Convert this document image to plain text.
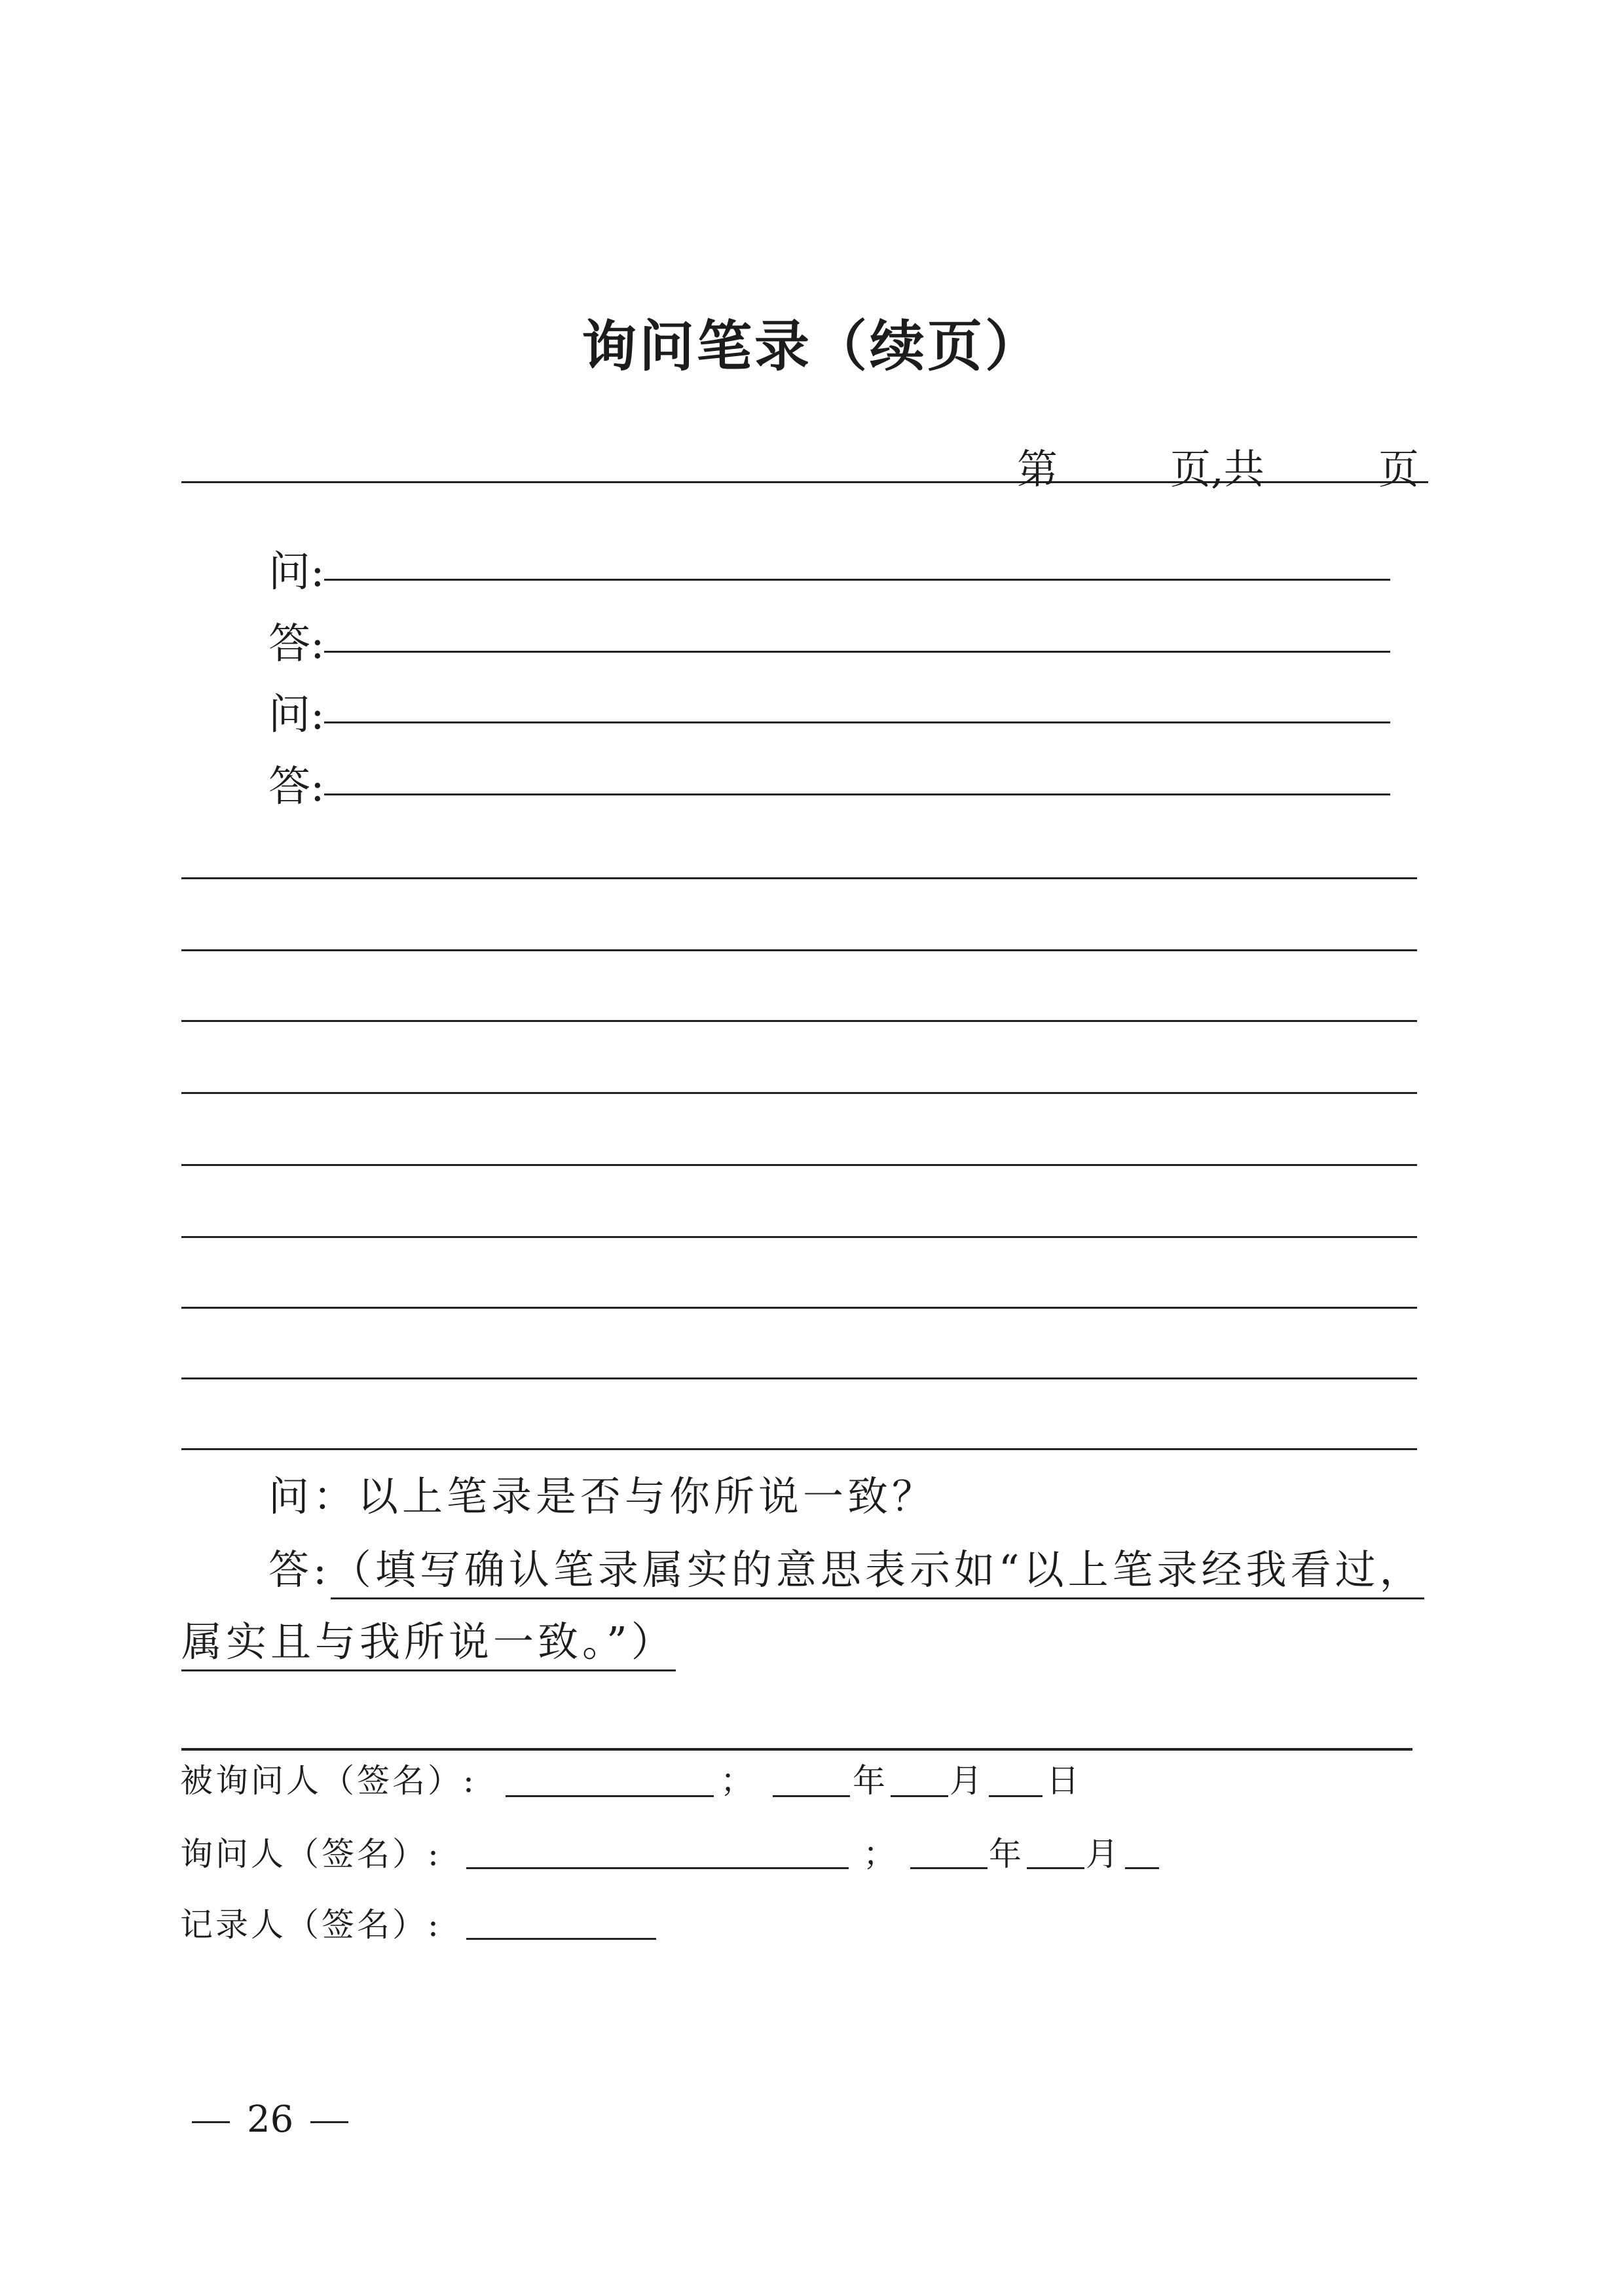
询问笔录（续页）
第	页,共	页
问:
答:
问:
答:
问：以上笔录是否与你所说一致？
答:（填写确认笔录属实的意思表示如“以上笔录经我看过，
属实且与我所说一致。”）
被询问人（签名）:	；	年 月 日
询问人（签名）:	；	年 月
记录人（签名）:
26
